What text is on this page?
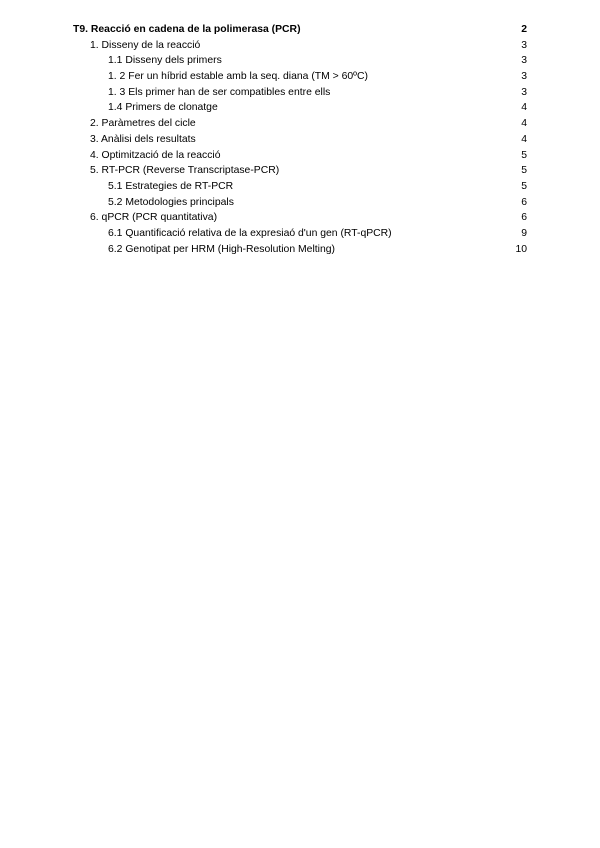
T9. Reacció en cadena de la polimerasa (PCR)	2
1. Disseny de la reacció	3
1.1 Disseny dels primers	3
1. 2 Fer un híbrid estable amb la seq. diana (TM > 60ºC)	3
1. 3 Els primer han de ser compatibles entre ells	3
1.4 Primers de clonatge	4
2. Paràmetres del cicle	4
3. Anàlisi dels resultats	4
4. Optimització de la reacció	5
5. RT-PCR (Reverse Transcriptase-PCR)	5
5.1 Estrategies de RT-PCR	5
5.2 Metodologies principals	6
6. qPCR (PCR quantitativa)	6
6.1 Quantificació relativa de la expresiaó d'un gen (RT-qPCR)	9
6.2 Genotipat per HRM (High-Resolution Melting)	10
